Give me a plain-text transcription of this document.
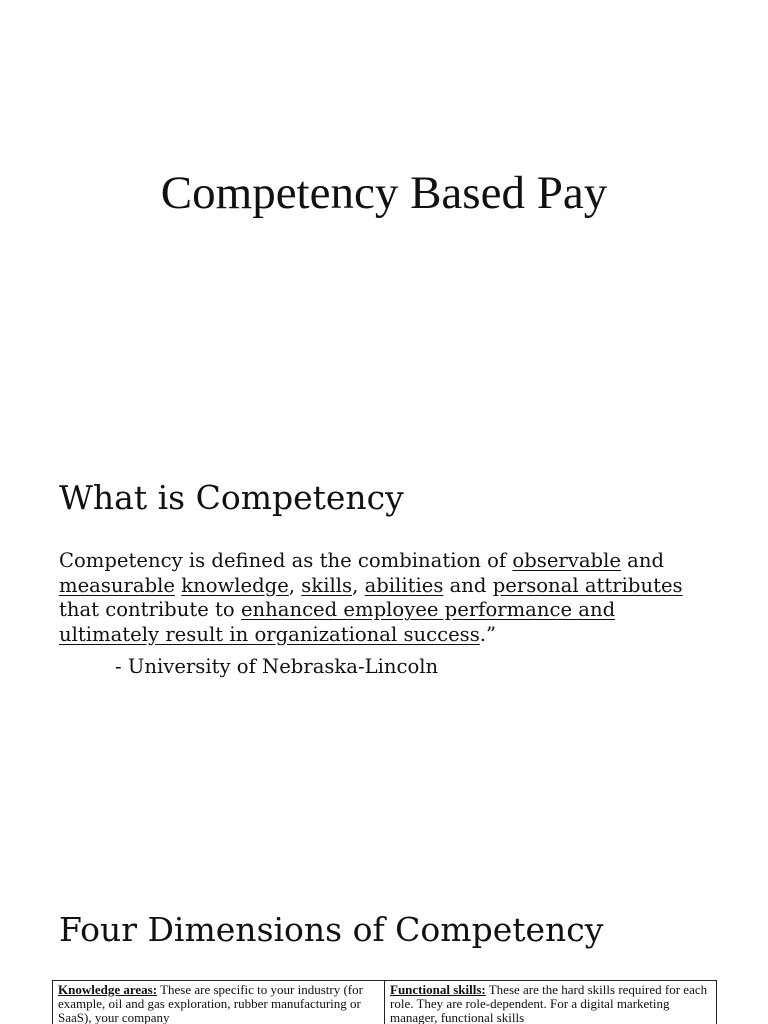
Competency Based Pay
What is Competency
Competency is defined as the combination of observable and
measurable knowledge, skills, abilities and personal attributes
that contribute to enhanced employee performance and
ultimately result in organizational success.”
- University of Nebraska-Lincoln
Four Dimensions of Competency
Knowledge areas: These are specific to your industry (for example, oil and gas exploration, rubber manufacturing or SaaS), your company	Functional skills: These are the hard skills required for each role. They are role-dependent. For a digital marketing manager, functional skills
